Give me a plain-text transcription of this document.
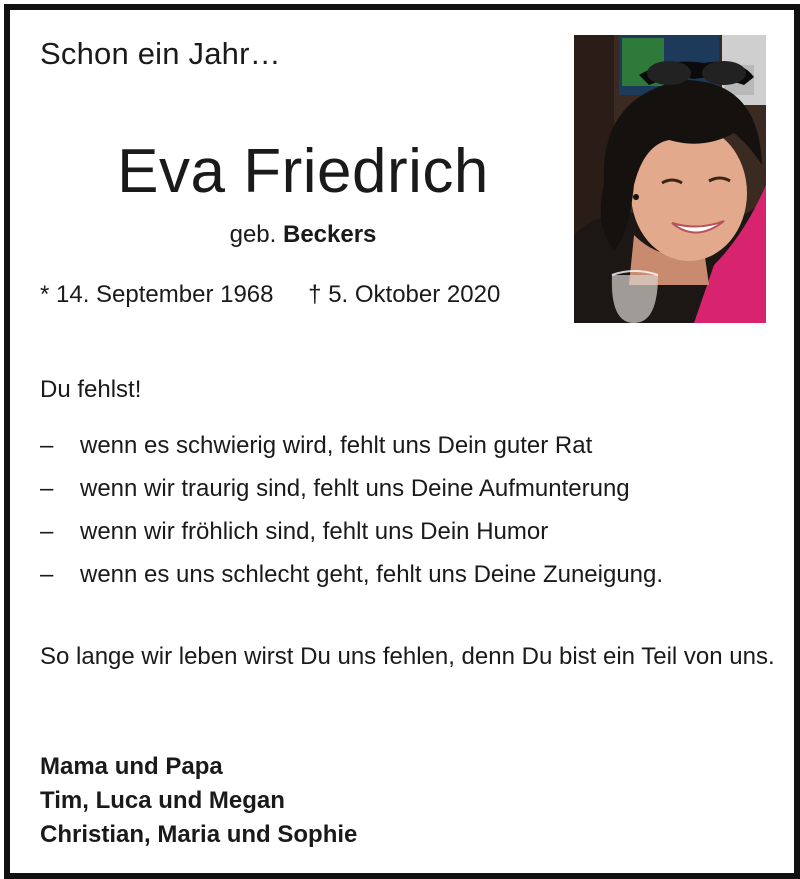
Schon ein Jahr…
Eva Friedrich
geb. Beckers
* 14. September 1968 † 5. Oktober 2020
Du fehlst!
– wenn es schwierig wird, fehlt uns Dein guter Rat
– wenn wir traurig sind, fehlt uns Deine Aufmunterung
– wenn wir fröhlich sind, fehlt uns Dein Humor
– wenn es uns schlecht geht, fehlt uns Deine Zuneigung.
So lange wir leben wirst Du uns fehlen, denn Du bist ein Teil von uns.
Mama und Papa
Tim, Luca und Megan
Christian, Maria und Sophie
